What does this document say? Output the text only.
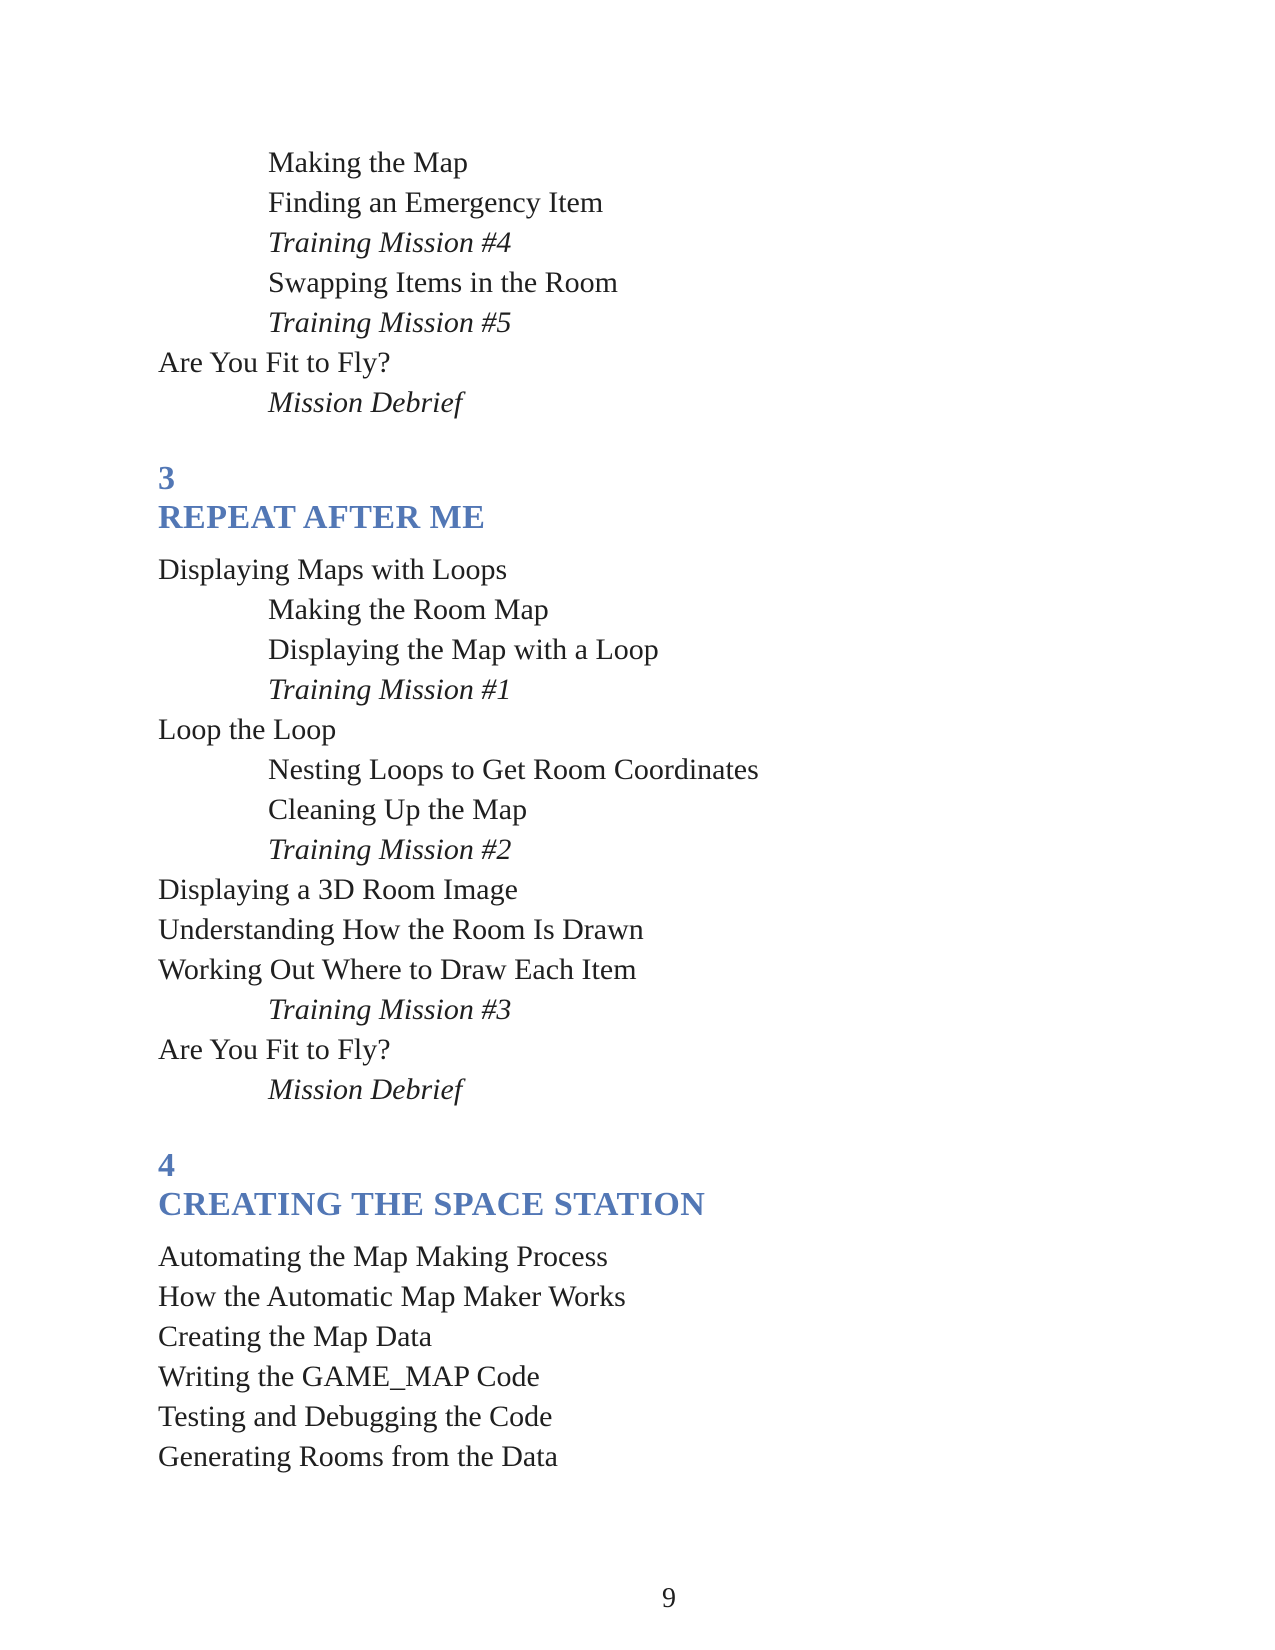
Making the Map
Finding an Emergency Item
Training Mission #4
Swapping Items in the Room
Training Mission #5
Are You Fit to Fly?
Mission Debrief
3
REPEAT AFTER ME
Displaying Maps with Loops
Making the Room Map
Displaying the Map with a Loop
Training Mission #1
Loop the Loop
Nesting Loops to Get Room Coordinates
Cleaning Up the Map
Training Mission #2
Displaying a 3D Room Image
Understanding How the Room Is Drawn
Working Out Where to Draw Each Item
Training Mission #3
Are You Fit to Fly?
Mission Debrief
4
CREATING THE SPACE STATION
Automating the Map Making Process
How the Automatic Map Maker Works
Creating the Map Data
Writing the GAME_MAP Code
Testing and Debugging the Code
Generating Rooms from the Data
9
